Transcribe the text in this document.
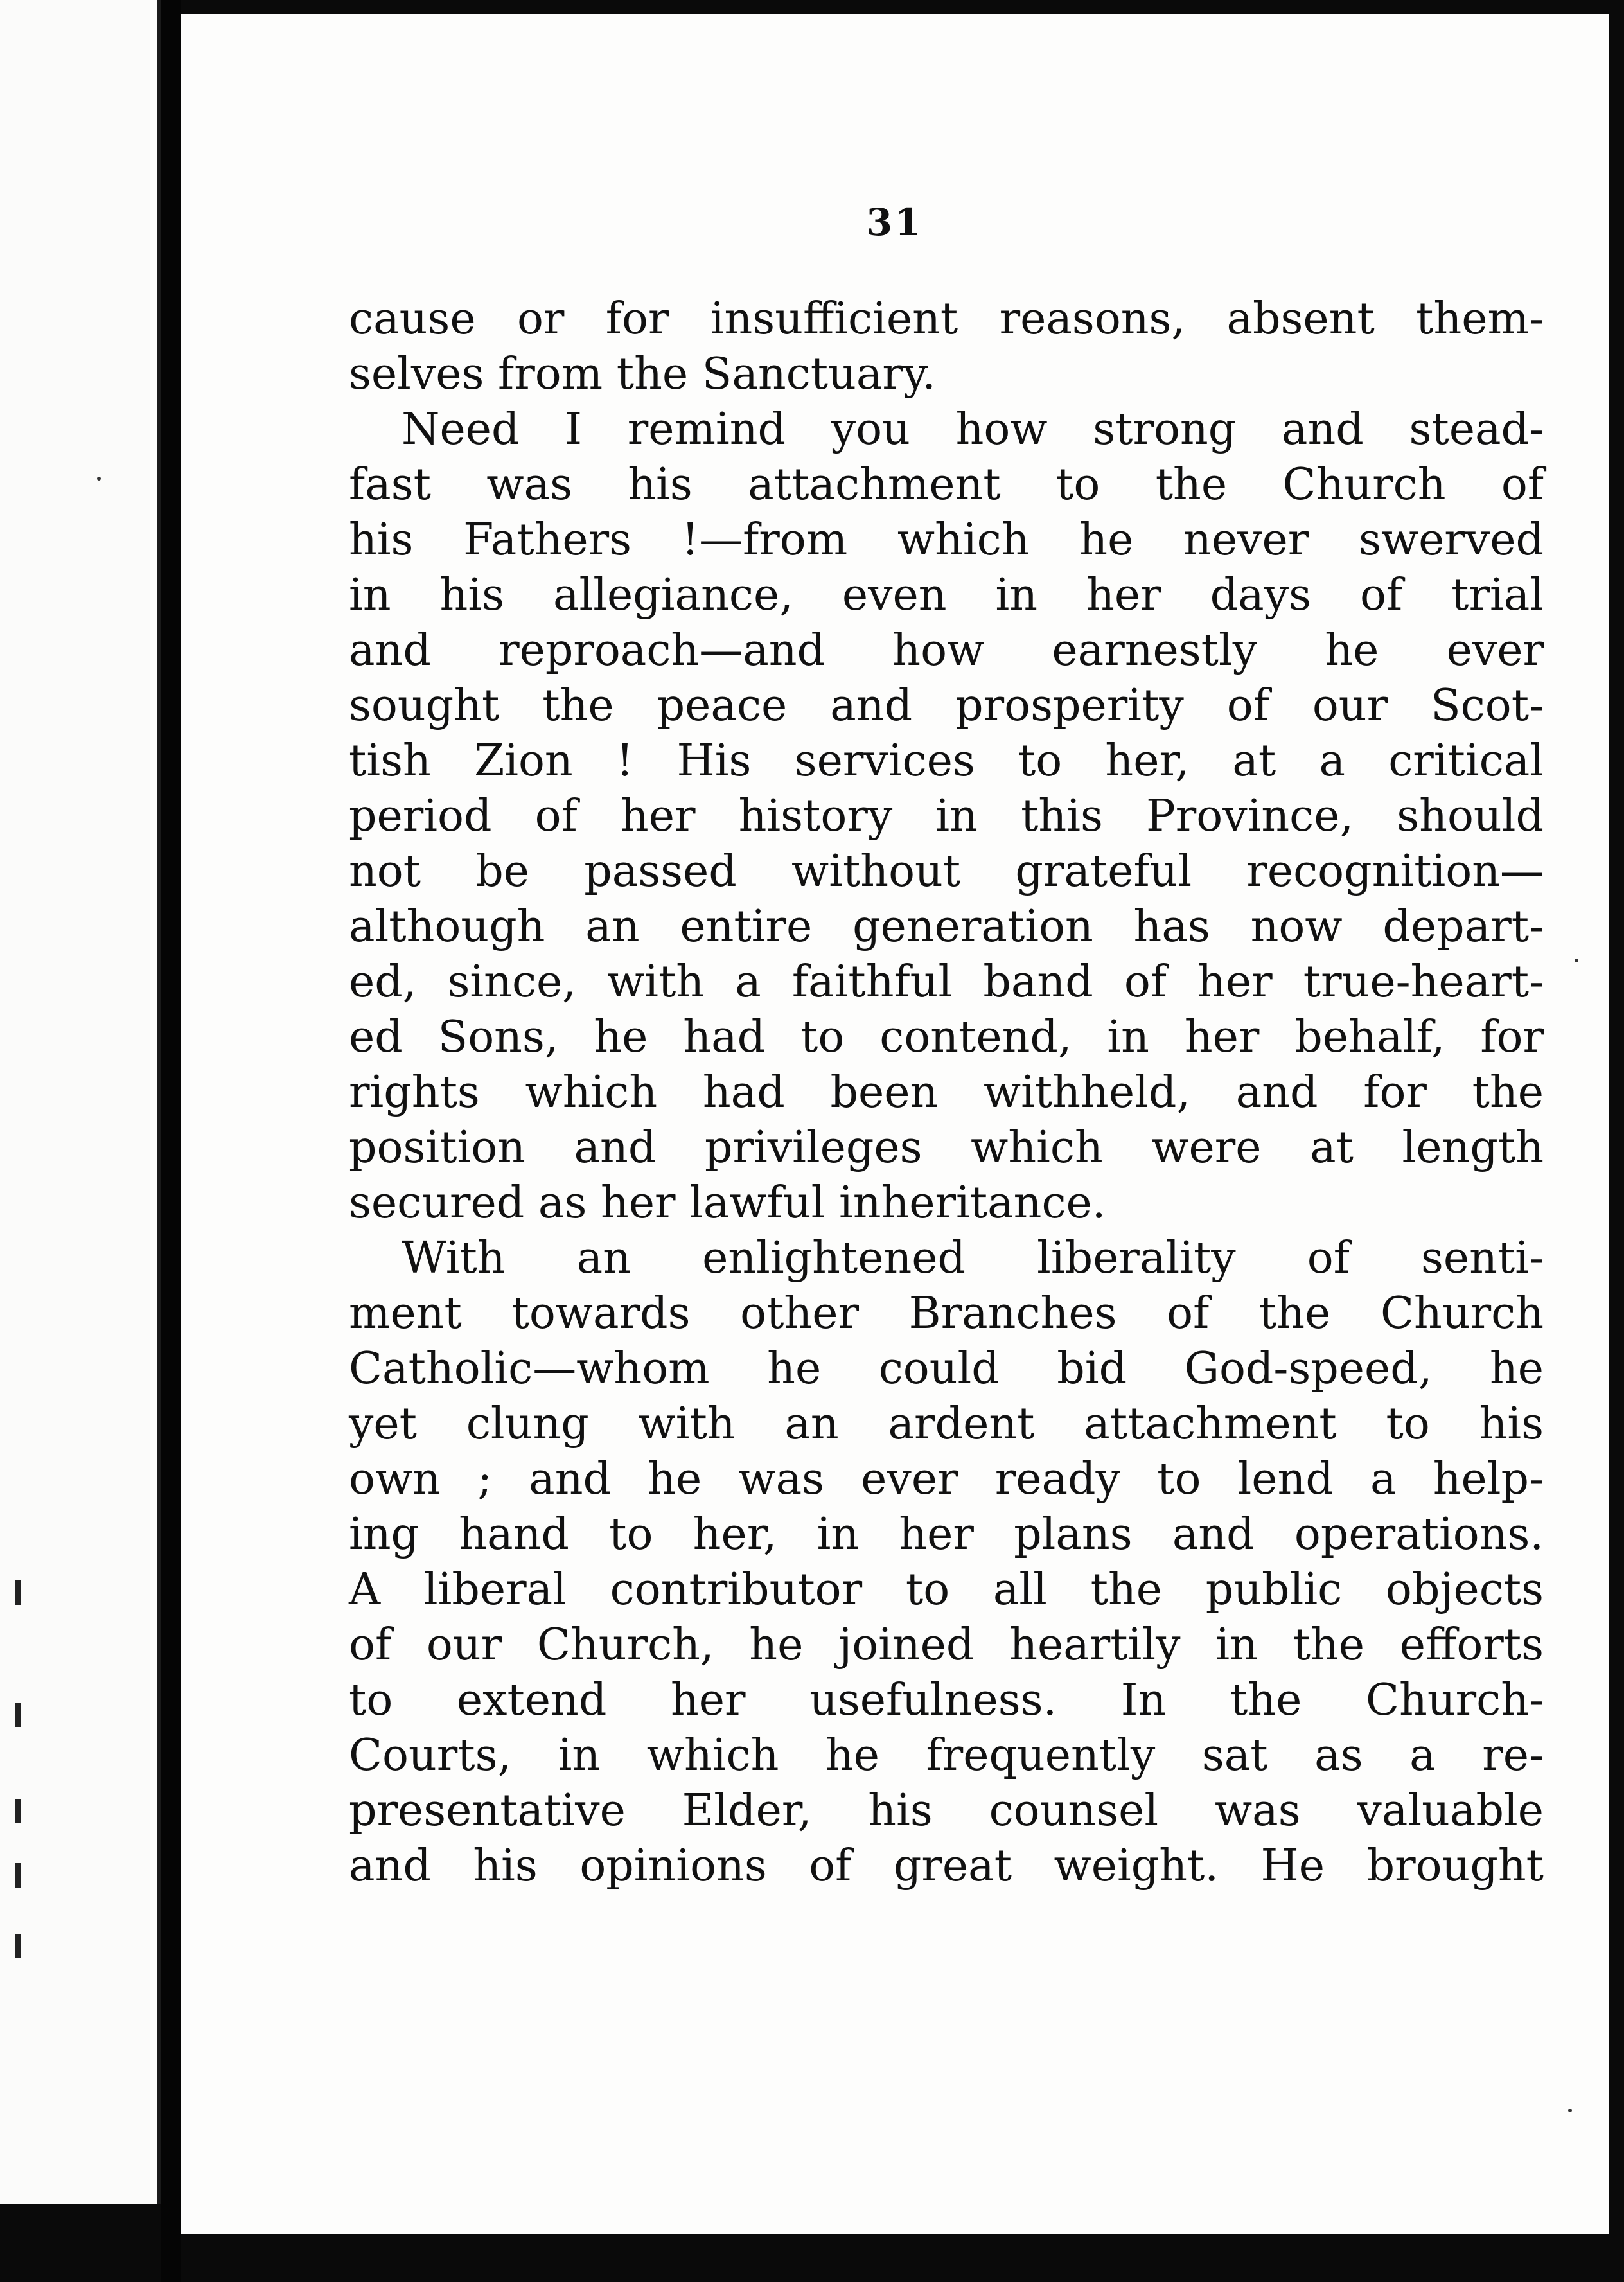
31
cause or for insufficient reasons, absent them-
selves from the Sanctuary.
Need I remind you how strong and stead-
fast was his attachment to the Church of
his Fathers !—from which he never swerved
in his allegiance, even in her days of trial
and reproach—and how earnestly he ever
sought the peace and prosperity of our Scot-
tish Zion ! His services to her, at a critical
period of her history in this Province, should
not be passed without grateful recognition—
although an entire generation has now depart-
ed, since, with a faithful band of her true-heart-
ed Sons, he had to contend, in her behalf, for
rights which had been withheld, and for the
position and privileges which were at length
secured as her lawful inheritance.
With an enlightened liberality of senti-
ment towards other Branches of the Church
Catholic—whom he could bid God-speed, he
yet clung with an ardent attachment to his
own ; and he was ever ready to lend a help-
ing hand to her, in her plans and operations.
A liberal contributor to all the public objects
of our Church, he joined heartily in the efforts
to extend her usefulness. In the Church-
Courts, in which he frequently sat as a re-
presentative Elder, his counsel was valuable
and his opinions of great weight. He brought
